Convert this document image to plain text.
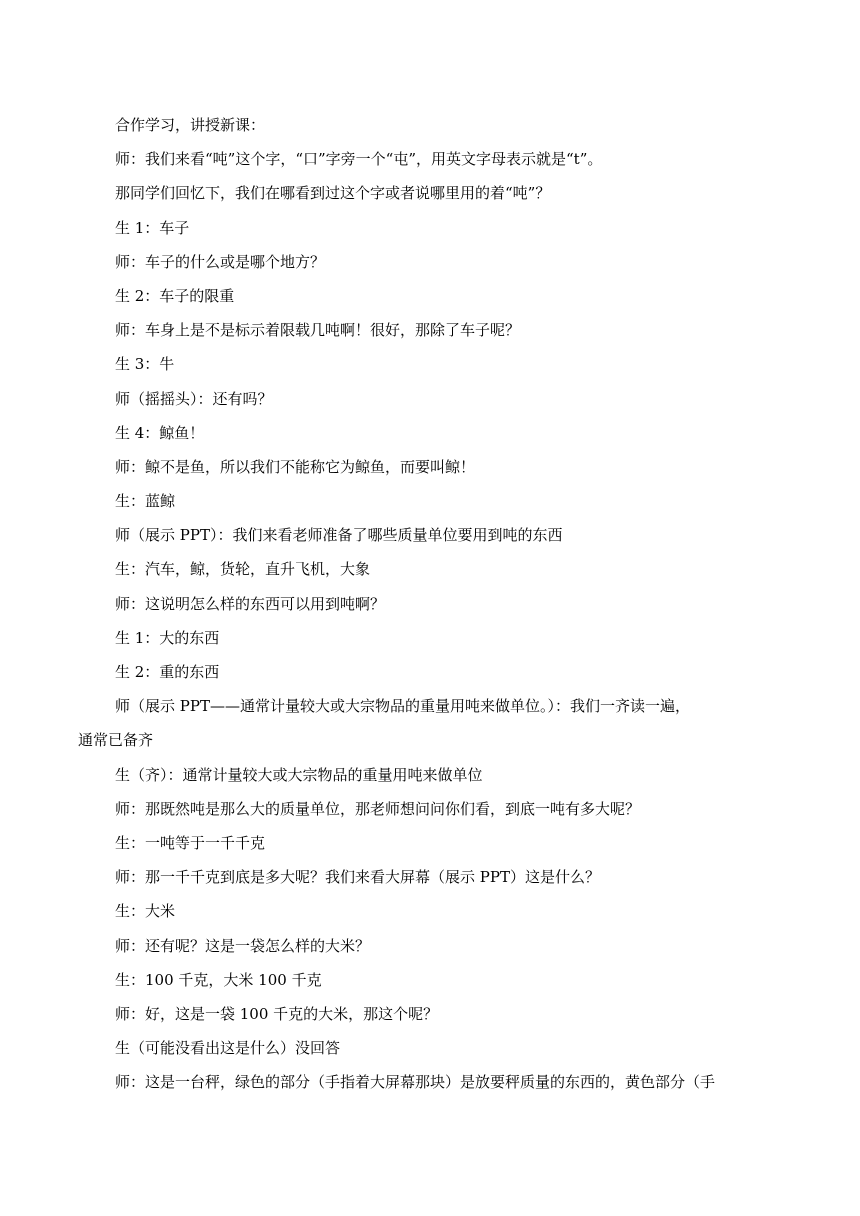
合作学习，讲授新课：

师：我们来看“吨”这个字，“口”字旁一个“屯”，用英文字母表示就是“t”。

那同学们回忆下，我们在哪看到过这个字或者说哪里用的着“吨”？

生 1：车子

师：车子的什么或是哪个地方？

生 2：车子的限重

师：车身上是不是标示着限载几吨啊！很好，那除了车子呢？

生 3：牛

师（摇摇头）：还有吗？

生 4：鲸鱼！

师：鲸不是鱼，所以我们不能称它为鲸鱼，而要叫鲸！

生：蓝鲸

师（展示 PPT）：我们来看老师准备了哪些质量单位要用到吨的东西

生：汽车，鲸，货轮，直升飞机，大象

师：这说明怎么样的东西可以用到吨啊？

生 1：大的东西

生 2：重的东西

师（展示 PPT——通常计量较大或大宗物品的重量用吨来做单位。）：我们一齐读一遍，

通常已备齐

生（齐）：通常计量较大或大宗物品的重量用吨来做单位

师：那既然吨是那么大的质量单位，那老师想问问你们看，到底一吨有多大呢？

生：一吨等于一千千克

师：那一千千克到底是多大呢？我们来看大屏幕（展示 PPT）这是什么？

生：大米

师：还有呢？这是一袋怎么样的大米？

生：100 千克，大米 100 千克

师：好，这是一袋 100 千克的大米，那这个呢？

生（可能没看出这是什么）没回答

师：这是一台秤，绿色的部分（手指着大屏幕那块）是放要秤质量的东西的，黄色部分（手
